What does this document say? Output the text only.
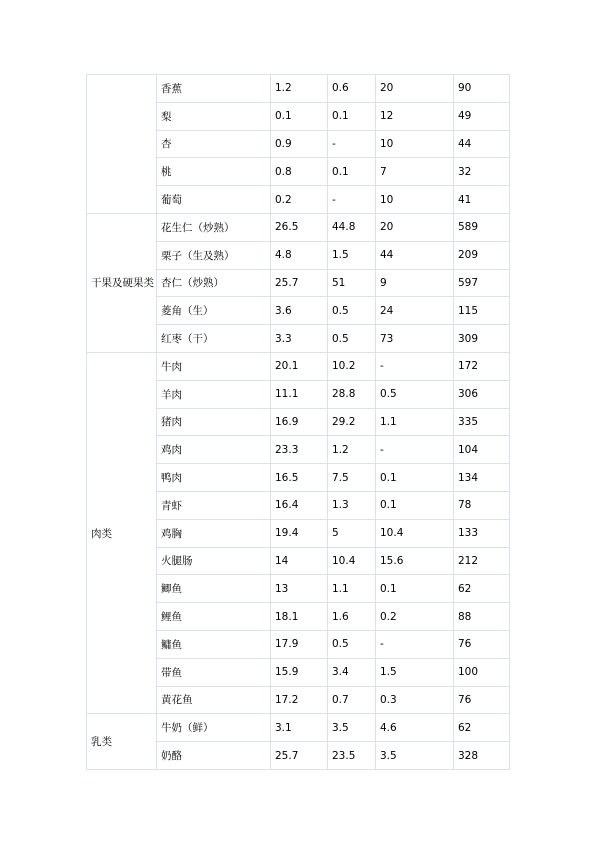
	香蕉	1.2	0.6	20	90
	梨	0.1	0.1	12	49
	杏	0.9	-	10	44
	桃	0.8	0.1	7	32
	葡萄	0.2	-	10	41
干果及硬果类	花生仁（炒熟）	26.5	44.8	20	589
	栗子（生及熟）	4.8	1.5	44	209
	杏仁（炒熟）	25.7	51	9	597
	菱角（生）	3.6	0.5	24	115
	红枣（干）	3.3	0.5	73	309
肉类	牛肉	20.1	10.2	-	172
	羊肉	11.1	28.8	0.5	306
	猪肉	16.9	29.2	1.1	335
	鸡肉	23.3	1.2	-	104
	鸭肉	16.5	7.5	0.1	134
	青虾	16.4	1.3	0.1	78
	鸡胸	19.4	5	10.4	133
	火腿肠	14	10.4	15.6	212
	鲫鱼	13	1.1	0.1	62
	鲤鱼	18.1	1.6	0.2	88
	鳙鱼	17.9	0.5	-	76
	带鱼	15.9	3.4	1.5	100
	黄花鱼	17.2	0.7	0.3	76
乳类	牛奶（鲜）	3.1	3.5	4.6	62
	奶酪	25.7	23.5	3.5	328
